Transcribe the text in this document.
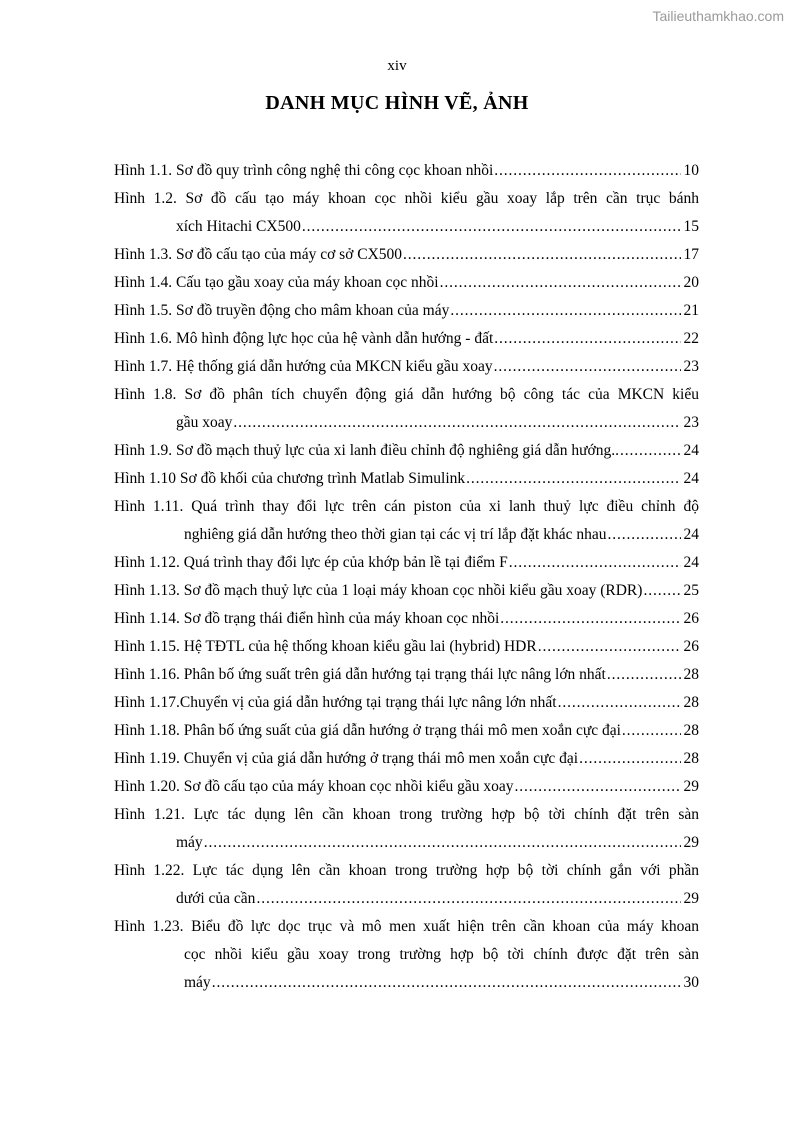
Tailieuthamkhao.com
xiv
DANH MỤC HÌNH VẼ, ẢNH
Hình 1.1. Sơ đồ quy trình công nghệ thi công cọc khoan nhồi . . .	10
Hình 1.2. Sơ đồ cấu tạo máy khoan cọc nhồi kiểu gầu xoay lắp trên cần trục bánh
xích Hitachi CX500 . . .	15
Hình 1.3. Sơ đồ cấu tạo của máy cơ sở CX500 . . .	17
Hình 1.4. Cấu tạo gầu xoay của máy khoan cọc nhồi . . .	20
Hình 1.5. Sơ đồ truyền động cho mâm khoan của máy . . .	21
Hình 1.6. Mô hình động lực học của hệ vành dẫn hướng - đất . . .	22
Hình 1.7. Hệ thống giá dẫn hướng của MKCN kiểu gầu xoay . . .	23
Hình 1.8. Sơ đồ phân tích chuyển động giá dẫn hướng bộ công tác của MKCN kiểu
gầu xoay . . .	23
Hình 1.9. Sơ đồ mạch thuỷ lực của xi lanh điều chỉnh độ nghiêng giá dẫn hướng.. . . .	24
Hình 1.10 Sơ đồ khối của chương trình Matlab Simulink . . .	24
Hình 1.11. Quá trình thay đổi lực trên cán piston của xi lanh thuỷ lực điều chỉnh độ
nghiêng giá dẫn hướng theo thời gian tại các vị trí lắp đặt khác nhau . . .	24
Hình 1.12. Quá trình thay đổi lực ép của khớp bản lề tại điểm F . . .	24
Hình 1.13. Sơ đồ mạch thuỷ lực của 1 loại máy khoan cọc nhồi kiểu gầu xoay (RDR) . . .	25
Hình 1.14. Sơ đồ trạng thái điển hình của máy khoan cọc nhồi . . .	26
Hình 1.15. Hệ TĐTL của hệ thống khoan kiểu gầu lai (hybrid) HDR . . .	26
Hình 1.16. Phân bố ứng suất trên giá dẫn hướng tại trạng thái lực nâng lớn nhất . . .	28
Hình 1.17.Chuyển vị của giá dẫn hướng tại trạng thái lực nâng lớn nhất . . .	28
Hình 1.18. Phân bố ứng suất của giá dẫn hướng ở trạng thái mô men xoắn cực đại . . .	28
Hình 1.19. Chuyển vị của giá dẫn hướng ở trạng thái mô men xoắn cực đại . . .	28
Hình 1.20. Sơ đồ cấu tạo của máy khoan cọc nhồi kiểu gầu xoay . . .	29
Hình 1.21. Lực tác dụng lên cần khoan trong trường hợp bộ tời chính đặt trên sàn
máy . . .	29
Hình 1.22. Lực tác dụng lên cần khoan trong trường hợp bộ tời chính gắn với phần
dưới của cần . . .	29
Hình 1.23. Biểu đồ lực dọc trục và mô men xuất hiện trên cần khoan của máy khoan
cọc nhồi kiểu gầu xoay trong trường hợp bộ tời chính được đặt trên sàn
máy . . .	30
